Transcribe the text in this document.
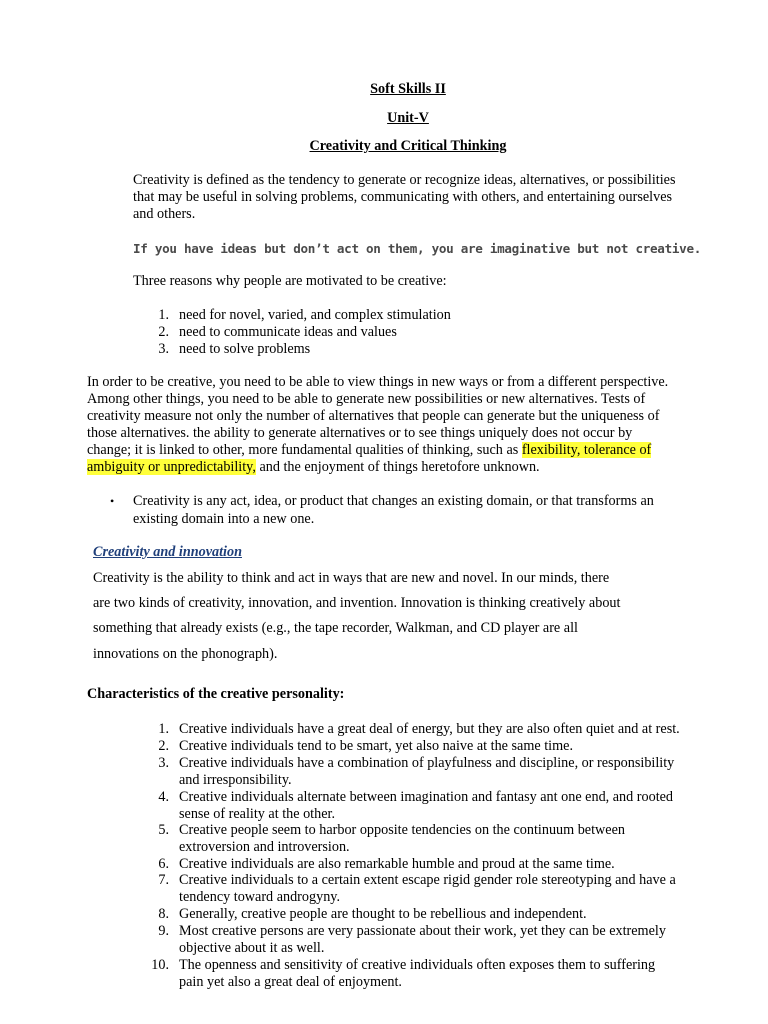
Soft Skills II
Unit-V
Creativity and Critical Thinking
Creativity is defined as the tendency to generate or recognize ideas, alternatives, or possibilities
that may be useful in solving problems, communicating with others, and entertaining ourselves
and others.
If you have ideas but don’t act on them, you are imaginative but not creative.
Three reasons why people are motivated to be creative:
1. need for novel, varied, and complex stimulation
2. need to communicate ideas and values
3. need to solve problems
In order to be creative, you need to be able to view things in new ways or from a different perspective.
Among other things, you need to be able to generate new possibilities or new alternatives. Tests of
creativity measure not only the number of alternatives that people can generate but the uniqueness of
those alternatives. the ability to generate alternatives or to see things uniquely does not occur by
change; it is linked to other, more fundamental qualities of thinking, such as flexibility, tolerance of
ambiguity or unpredictability, and the enjoyment of things heretofore unknown.
• Creativity is any act, idea, or product that changes an existing domain, or that transforms an
existing domain into a new one.
Creativity and innovation
Creativity is the ability to think and act in ways that are new and novel. In our minds, there
are two kinds of creativity, innovation, and invention. Innovation is thinking creatively about
something that already exists (e.g., the tape recorder, Walkman, and CD player are all
innovations on the phonograph).
Characteristics of the creative personality:
1. Creative individuals have a great deal of energy, but they are also often quiet and at rest.
2. Creative individuals tend to be smart, yet also naive at the same time.
3. Creative individuals have a combination of playfulness and discipline, or responsibility
and irresponsibility.
4. Creative individuals alternate between imagination and fantasy ant one end, and rooted
sense of reality at the other.
5. Creative people seem to harbor opposite tendencies on the continuum between
extroversion and introversion.
6. Creative individuals are also remarkable humble and proud at the same time.
7. Creative individuals to a certain extent escape rigid gender role stereotyping and have a
tendency toward androgyny.
8. Generally, creative people are thought to be rebellious and independent.
9. Most creative persons are very passionate about their work, yet they can be extremely
objective about it as well.
10. The openness and sensitivity of creative individuals often exposes them to suffering
pain yet also a great deal of enjoyment.
